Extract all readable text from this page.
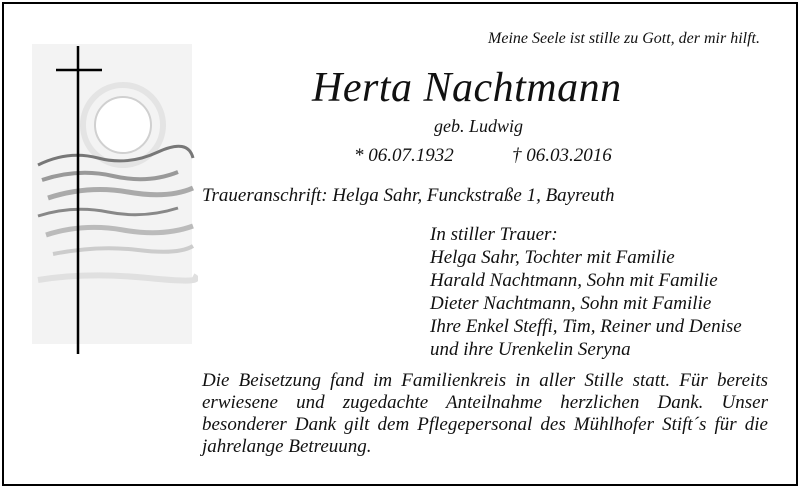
Meine Seele ist stille zu Gott, der mir hilft.
Herta Nachtmann
geb. Ludwig
* 06.07.1932	† 06.03.2016
Traueranschrift: Helga Sahr, Funckstraße 1, Bayreuth
In stiller Trauer:
Helga Sahr, Tochter mit Familie
Harald Nachtmann, Sohn mit Familie
Dieter Nachtmann, Sohn mit Familie
Ihre Enkel Steffi, Tim, Reiner und Denise
und ihre Urenkelin Seryna
Die Beisetzung fand im Familienkreis in aller Stille statt. Für bereits erwiesene und zugedachte Anteilnahme herzlichen Dank. Unser besonderer Dank gilt dem Pflegepersonal des Mühlhofer Stift´s für die jahrelange Betreuung.
